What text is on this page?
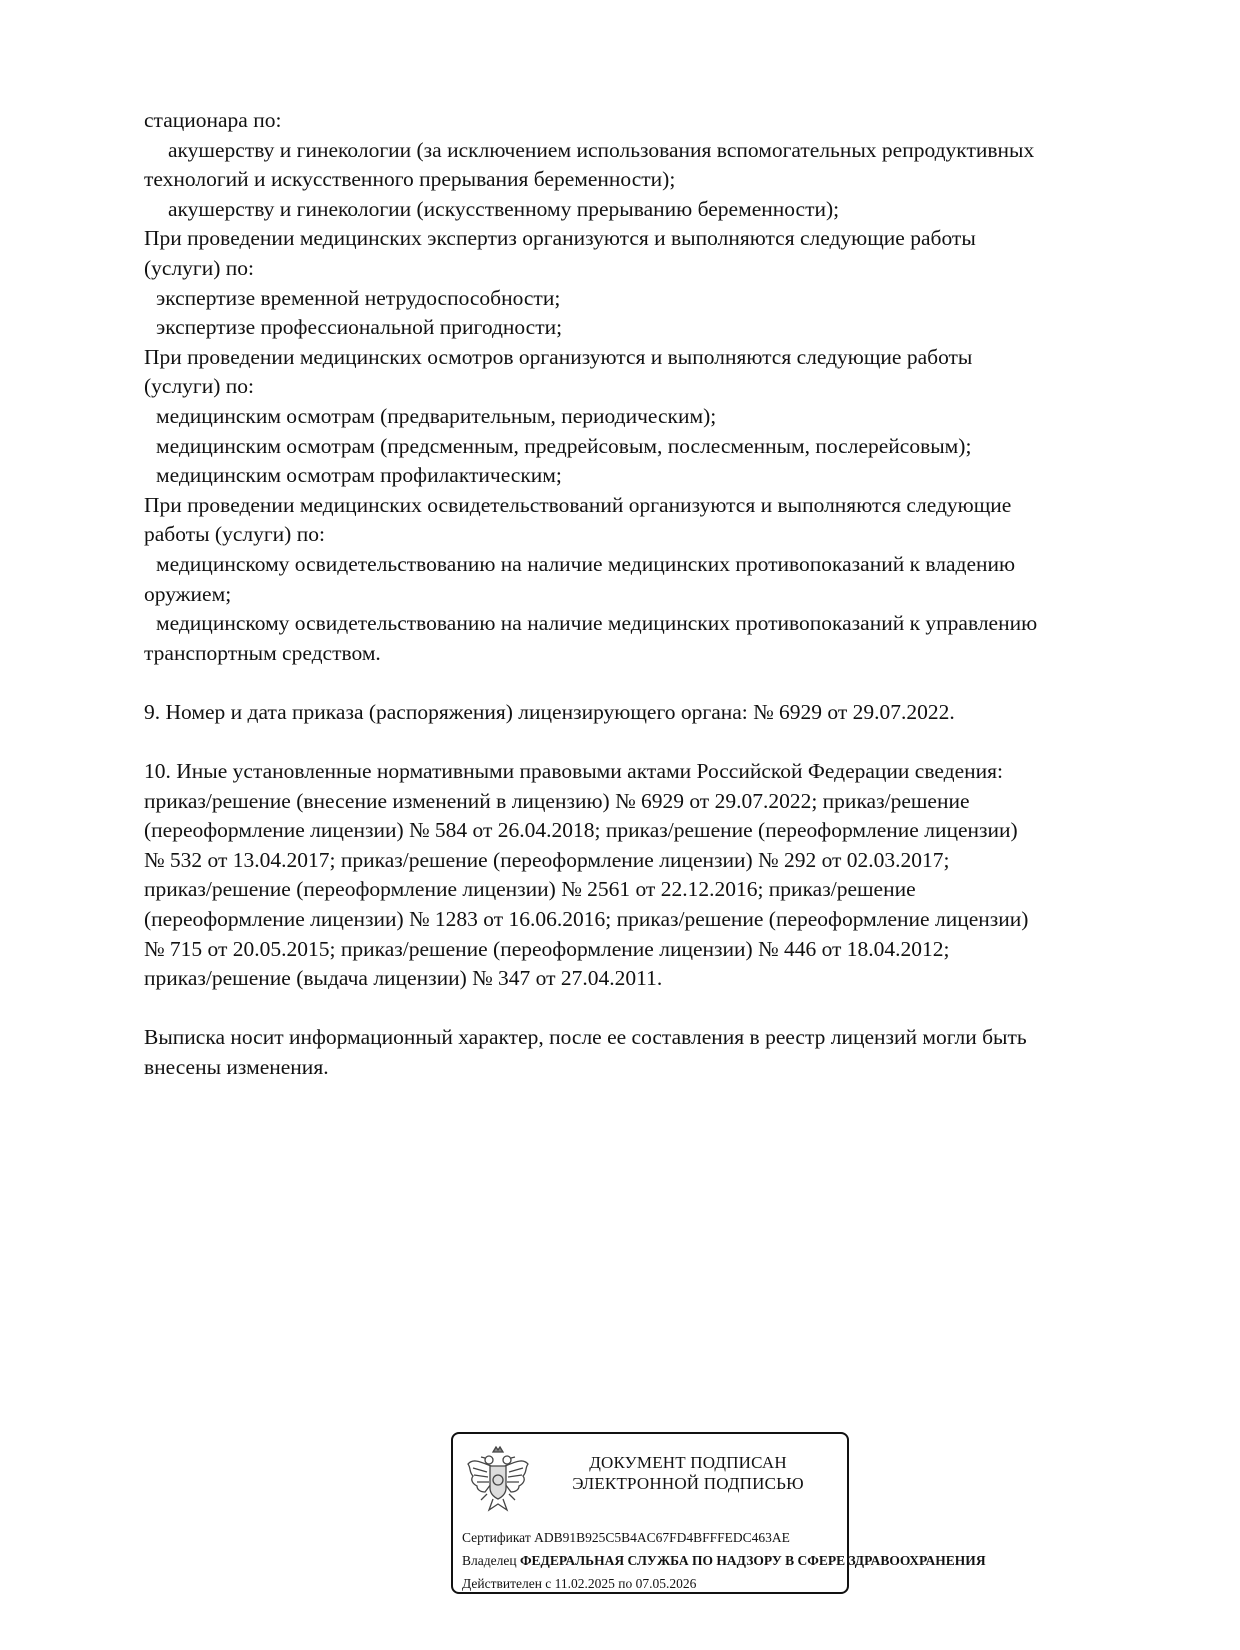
стационара по:

акушерству и гинекологии (за исключением использования вспомогательных репродуктивных

технологий и искусственного прерывания беременности);

акушерству и гинекологии (искусственному прерыванию беременности);

При проведении медицинских экспертиз организуются и выполняются следующие работы

(услуги) по:

экспертизе временной нетрудоспособности;

экспертизе профессиональной пригодности;

При проведении медицинских осмотров организуются и выполняются следующие работы

(услуги) по:

медицинским осмотрам (предварительным, периодическим);

медицинским осмотрам (предсменным, предрейсовым, послесменным, послерейсовым);

медицинским осмотрам профилактическим;

При проведении медицинских освидетельствований организуются и выполняются следующие

работы (услуги) по:

медицинскому освидетельствованию на наличие медицинских противопоказаний к владению

оружием;

медицинскому освидетельствованию на наличие медицинских противопоказаний к управлению

транспортным средством.

9. Номер и дата приказа (распоряжения) лицензирующего органа: № 6929 от 29.07.2022.

10. Иные установленные нормативными правовыми актами Российской Федерации сведения:

приказ/решение (внесение изменений в лицензию) № 6929 от 29.07.2022; приказ/решение

(переоформление лицензии) № 584 от 26.04.2018; приказ/решение (переоформление лицензии)

№ 532 от 13.04.2017; приказ/решение (переоформление лицензии) № 292 от 02.03.2017;

приказ/решение (переоформление лицензии) № 2561 от 22.12.2016; приказ/решение

(переоформление лицензии) № 1283 от 16.06.2016; приказ/решение (переоформление лицензии)

№ 715 от 20.05.2015; приказ/решение (переоформление лицензии) № 446 от 18.04.2012;

приказ/решение (выдача лицензии) № 347 от 27.04.2011.

Выписка носит информационный характер, после ее составления в реестр лицензий могли быть

внесены изменения.

ДОКУМЕНТ ПОДПИСАН
ЭЛЕКТРОННОЙ ПОДПИСЬЮ
Сертификат ADB91B925C5B4AC67FD4BFFFEDC463AE
Владелец ФЕДЕРАЛЬНАЯ СЛУЖБА ПО НАДЗОРУ В СФЕРЕ ЗДРАВООХРАНЕНИЯ
Действителен с 11.02.2025 по 07.05.2026
